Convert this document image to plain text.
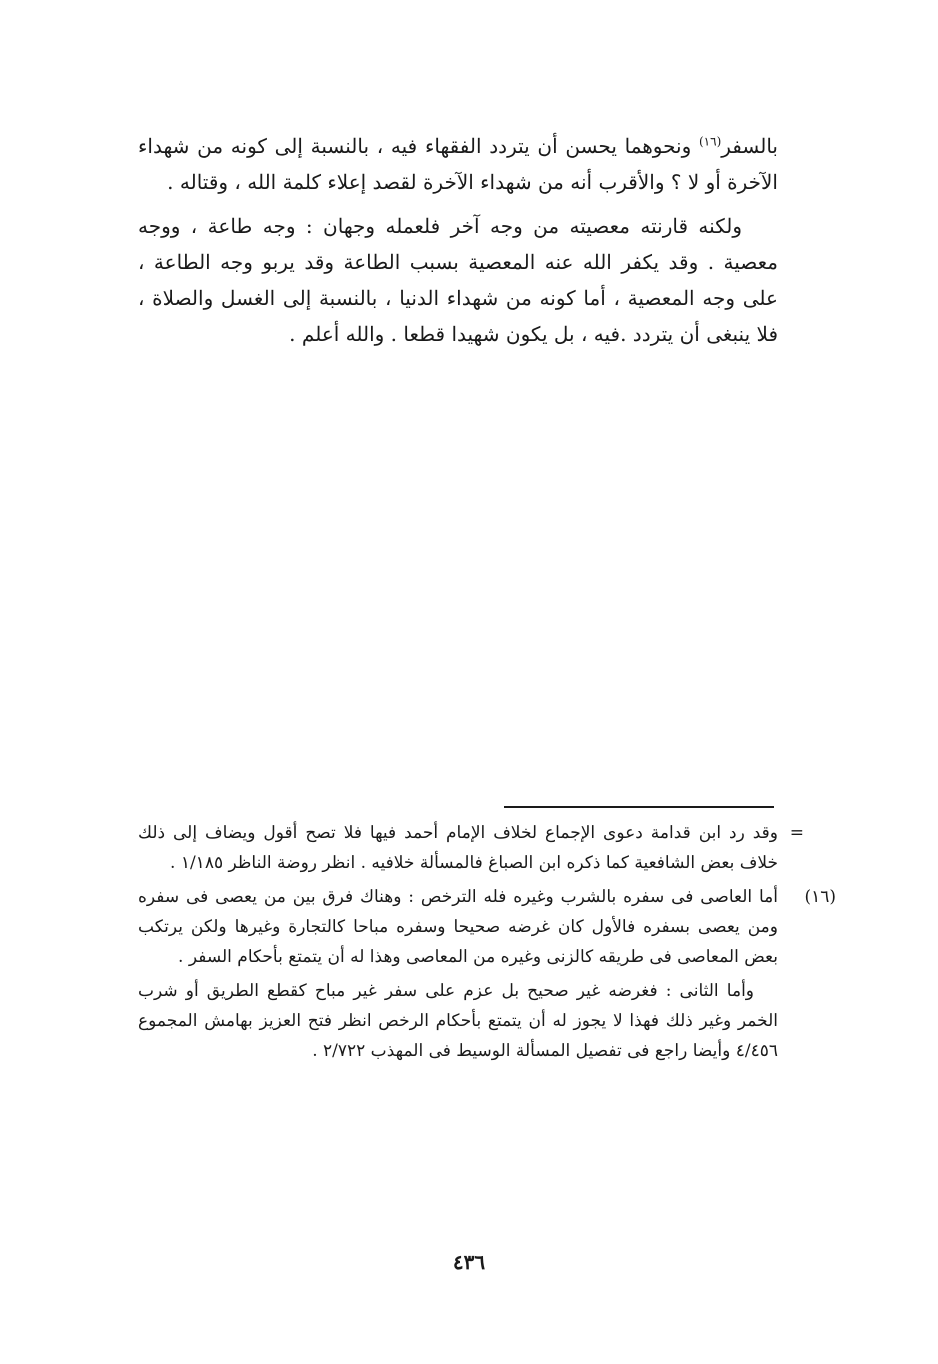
بالسفر$^{(١٦)}$ ونحوهما يحسن أن يتردد الفقهاء فيه ، بالنسبة إلى كونه من شهداء الآخرة أو لا ؟ والأقرب أنه من شهداء الآخرة لقصد إعلاء كلمة الله ، وقتاله .

ولكنه قارنته معصيته من وجه آخر فلعمله وجهان : وجه طاعة ، ووجه معصية . وقد يكفر الله عنه المعصية بسبب الطاعة وقد يربو وجه الطاعة ، على وجه المعصية ، أما كونه من شهداء الدنيا ، بالنسبة إلى الغسل والصلاة ، فلا ينبغى أن يتردد .فيه ، بل يكون شهيدا قطعا . والله أعلم .

=
وقد رد ابن قدامة دعوى الإجماع لخلاف الإمام أحمد فيها فلا تصح أقول ويضاف إلى ذلك خلاف بعض الشافعية كما ذكره ابن الصباغ فالمسألة خلافيه . انظر روضة الناظر ١/١٨٥ .
(١٦)
أما العاصى فى سفره بالشرب وغيره فله الترخص : وهناك فرق بين من يعصى فى سفره ومن يعصى بسفره فالأول كان غرضه صحيحا وسفره مباحا كالتجارة وغيرها ولكن يرتكب بعض المعاصى فى طريقه كالزنى وغيره من المعاصى وهذا له أن يتمتع بأحكام السفر .
وأما الثانى : فغرضه غير صحيح بل عزم على سفر غير مباح كقطع الطريق أو شرب الخمر وغير ذلك فهذا لا يجوز له أن يتمتع بأحكام الرخص انظر فتح العزيز بهامش المجموع ٤/٤٥٦ وأيضا راجع فى تفصيل المسألة الوسيط فى المهذب ٢/٧٢٢ .
٤٣٦
